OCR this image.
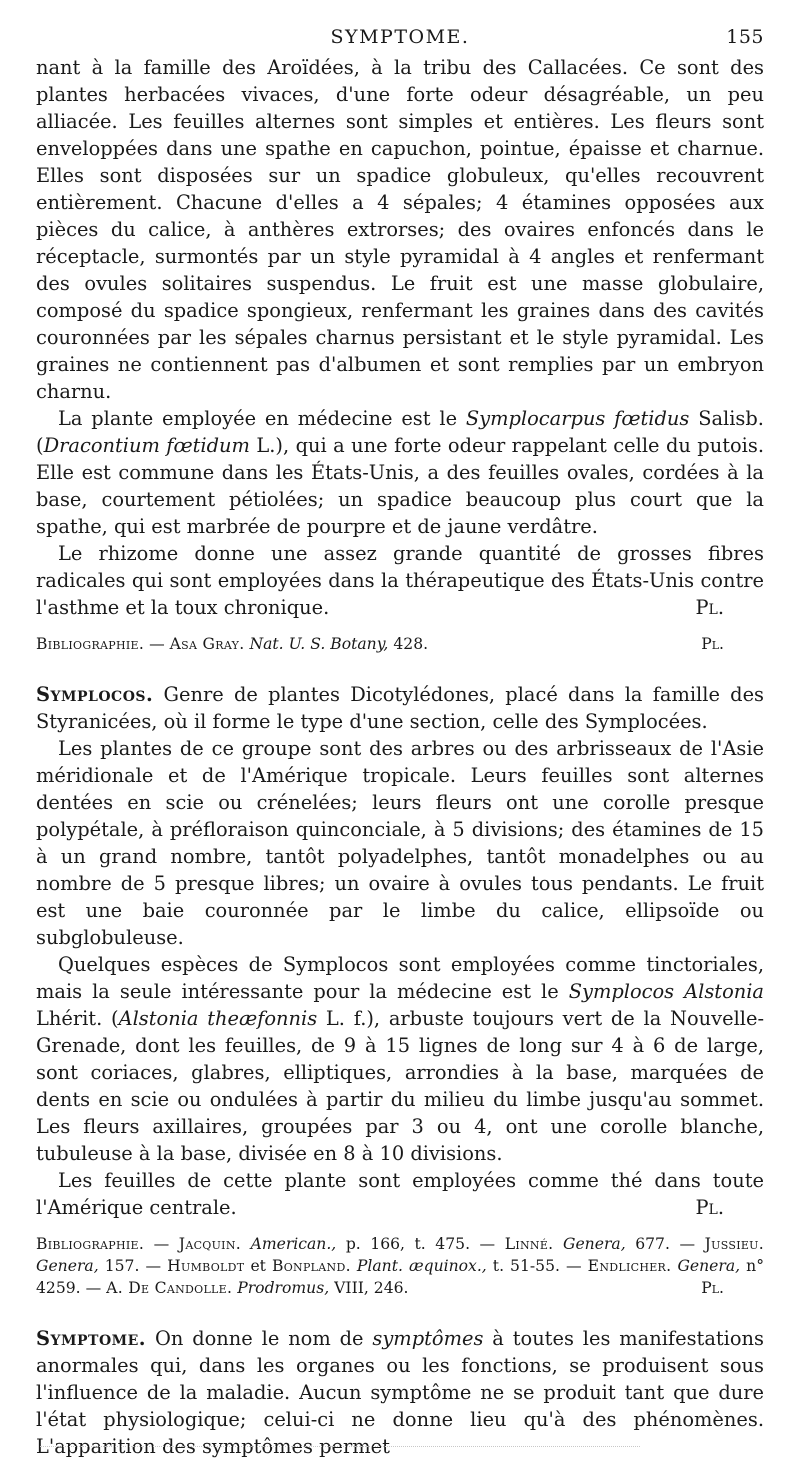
SYMPTOME.	155

nant à la famille des Aroïdées, à la tribu des Callacées. Ce sont des plantes herbacées vivaces, d'une forte odeur désagréable, un peu alliacée. Les feuilles alternes sont simples et entières. Les fleurs sont enveloppées dans une spathe en capuchon, pointue, épaisse et charnue. Elles sont disposées sur un spadice globuleux, qu'elles recouvrent entièrement. Chacune d'elles a 4 sépales; 4 étamines opposées aux pièces du calice, à anthères extrorses; des ovaires enfoncés dans le réceptacle, surmontés par un style pyramidal à 4 angles et renfermant des ovules solitaires suspendus. Le fruit est une masse globulaire, composé du spadice spongieux, renfermant les graines dans des cavités couronnées par les sépales charnus persistant et le style pyramidal. Les graines ne contiennent pas d'albumen et sont remplies par un embryon charnu.

La plante employée en médecine est le Symplocarpus fœtidus Salisb. (Dracontium fœtidum L.), qui a une forte odeur rappelant celle du putois. Elle est commune dans les États-Unis, a des feuilles ovales, cordées à la base, courtement pétiolées; un spadice beaucoup plus court que la spathe, qui est marbrée de pourpre et de jaune verdâtre.

Le rhizome donne une assez grande quantité de grosses fibres radicales qui sont employées dans la thérapeutique des États-Unis contre l'asthme et la toux chronique.	Pl.

Bibliographie. — Asa Gray. Nat. U. S. Botany, 428.	Pl.

Symplocos. Genre de plantes Dicotylédones, placé dans la famille des Styranicées, où il forme le type d'une section, celle des Symplocées.

Les plantes de ce groupe sont des arbres ou des arbrisseaux de l'Asie méridionale et de l'Amérique tropicale. Leurs feuilles sont alternes dentées en scie ou crénelées; leurs fleurs ont une corolle presque polypétale, à préfloraison quinconciale, à 5 divisions; des étamines de 15 à un grand nombre, tantôt polyadelphes, tantôt monadelphes ou au nombre de 5 presque libres; un ovaire à ovules tous pendants. Le fruit est une baie couronnée par le limbe du calice, ellipsoïde ou subglobuleuse.

Quelques espèces de Symplocos sont employées comme tinctoriales, mais la seule intéressante pour la médecine est le Symplocos Alstonia Lhérit. (Alstonia theæfonnis L. f.), arbuste toujours vert de la Nouvelle-Grenade, dont les feuilles, de 9 à 15 lignes de long sur 4 à 6 de large, sont coriaces, glabres, elliptiques, arrondies à la base, marquées de dents en scie ou ondulées à partir du milieu du limbe jusqu'au sommet. Les fleurs axillaires, groupées par 3 ou 4, ont une corolle blanche, tubuleuse à la base, divisée en 8 à 10 divisions.

Les feuilles de cette plante sont employées comme thé dans toute l'Amérique centrale.	Pl.

Bibliographie. — Jacquin. American., p. 166, t. 475. — Linné. Genera, 677. — Jussieu. Genera, 157. — Humboldt et Bonpland. Plant. æquinox., t. 51-55. — Endlicher. Genera, n° 4259. — A. De Candolle. Prodromus, VIII, 246.	Pl.

Symptome. On donne le nom de symptômes à toutes les manifestations anormales qui, dans les organes ou les fonctions, se produisent sous l'influence de la maladie. Aucun symptôme ne se produit tant que dure l'état physiologique; celui-ci ne donne lieu qu'à des phénomènes. L'apparition des symptômes permet
